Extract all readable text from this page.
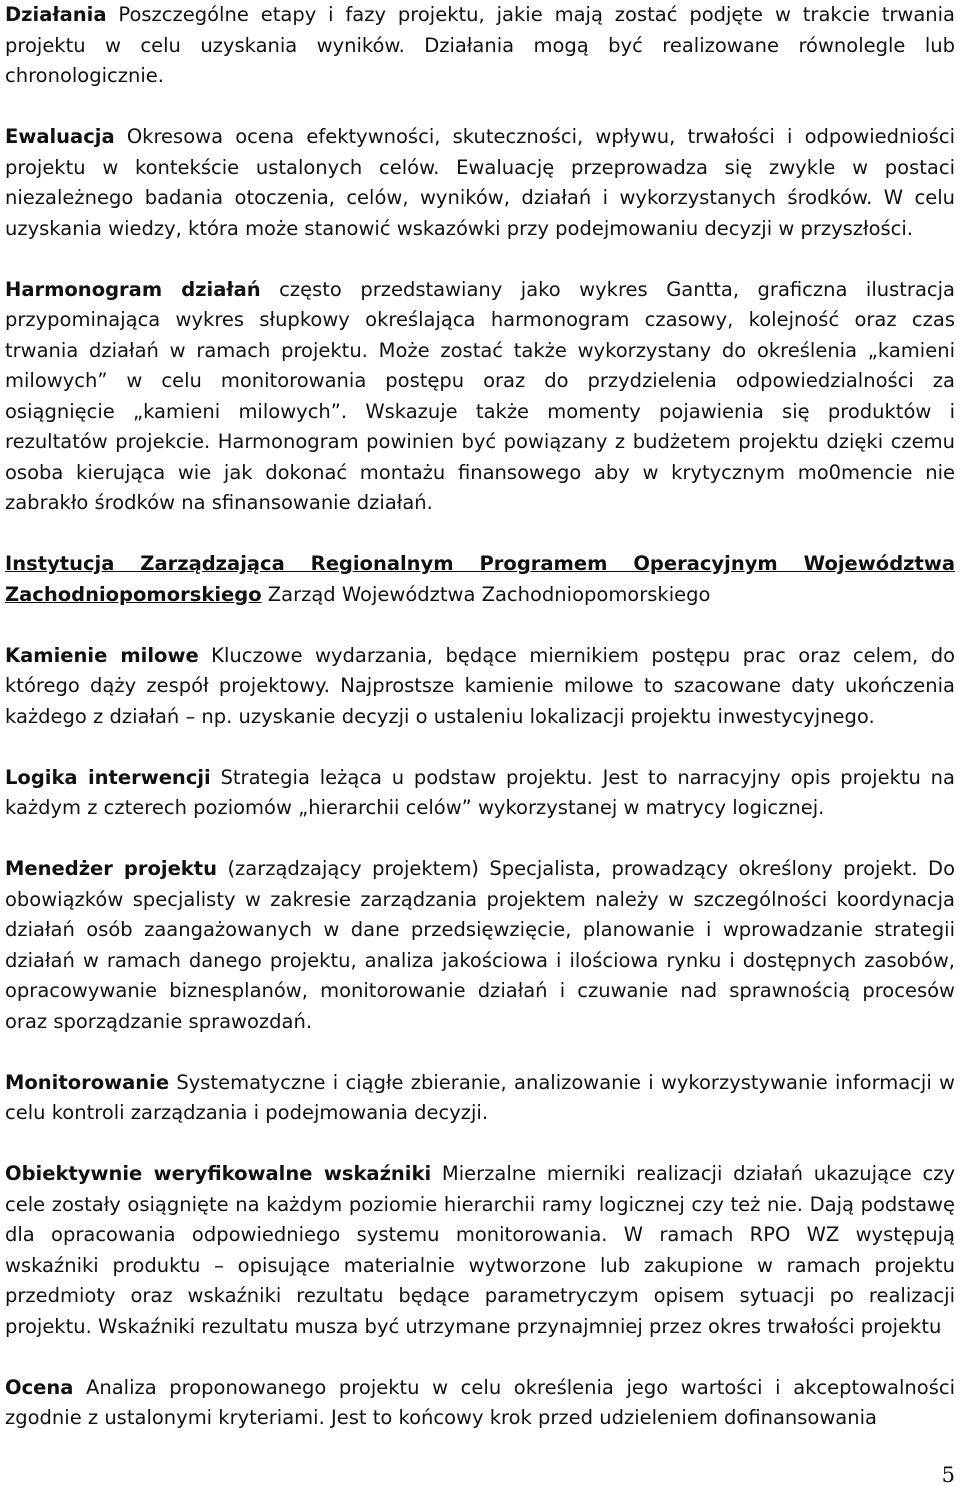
Działania Poszczególne etapy i fazy projektu, jakie mają zostać podjęte w trakcie trwania projektu w celu uzyskania wyników. Działania mogą być realizowane równolegle lub chronologicznie.

Ewaluacja Okresowa ocena efektywności, skuteczności, wpływu, trwałości i odpowiedniości projektu w kontekście ustalonych celów. Ewaluację przeprowadza się zwykle w postaci niezależnego badania otoczenia, celów, wyników, działań i wykorzystanych środków. W celu uzyskania wiedzy, która może stanowić wskazówki przy podejmowaniu decyzji w przyszłości.

Harmonogram działań często przedstawiany jako wykres Gantta, graficzna ilustracja przypominająca wykres słupkowy określająca harmonogram czasowy, kolejność oraz czas trwania działań w ramach projektu. Może zostać także wykorzystany do określenia „kamieni milowych” w celu monitorowania postępu oraz do przydzielenia odpowiedzialności za osiągnięcie „kamieni milowych”. Wskazuje także momenty pojawienia się produktów i rezultatów projekcie. Harmonogram powinien być powiązany z budżetem projektu dzięki czemu osoba kierująca wie jak dokonać montażu finansowego aby w krytycznym mo0mencie nie zabrakło środków na sfinansowanie działań.

Instytucja Zarządzająca Regionalnym Programem Operacyjnym Województwa Zachodniopomorskiego Zarząd Województwa Zachodniopomorskiego

Kamienie milowe Kluczowe wydarzania, będące miernikiem postępu prac oraz celem, do którego dąży zespół projektowy. Najprostsze kamienie milowe to szacowane daty ukończenia każdego z działań – np. uzyskanie decyzji o ustaleniu lokalizacji projektu inwestycyjnego.

Logika interwencji Strategia leżąca u podstaw projektu. Jest to narracyjny opis projektu na każdym z czterech poziomów „hierarchii celów” wykorzystanej w matrycy logicznej.

Menedżer projektu (zarządzający projektem) Specjalista, prowadzący określony projekt. Do obowiązków specjalisty w zakresie zarządzania projektem należy w szczególności koordynacja działań osób zaangażowanych w dane przedsięwzięcie, planowanie i wprowadzanie strategii działań w ramach danego projektu, analiza jakościowa i ilościowa rynku i dostępnych zasobów, opracowywanie biznesplanów, monitorowanie działań i czuwanie nad sprawnością procesów oraz sporządzanie sprawozdań.

Monitorowanie Systematyczne i ciągłe zbieranie, analizowanie i wykorzystywanie informacji w celu kontroli zarządzania i podejmowania decyzji.

Obiektywnie weryfikowalne wskaźniki Mierzalne mierniki realizacji działań ukazujące czy cele zostały osiągnięte na każdym poziomie hierarchii ramy logicznej czy też nie. Dają podstawę dla opracowania odpowiedniego systemu monitorowania. W ramach RPO WZ występują wskaźniki produktu – opisujące materialnie wytworzone lub zakupione w ramach projektu przedmioty oraz wskaźniki rezultatu będące parametryczym opisem sytuacji po realizacji projektu. Wskaźniki rezultatu musza być utrzymane przynajmniej przez okres trwałości projektu

Ocena Analiza proponowanego projektu w celu określenia jego wartości i akceptowalności zgodnie z ustalonymi kryteriami. Jest to końcowy krok przed udzieleniem dofinansowania

5
